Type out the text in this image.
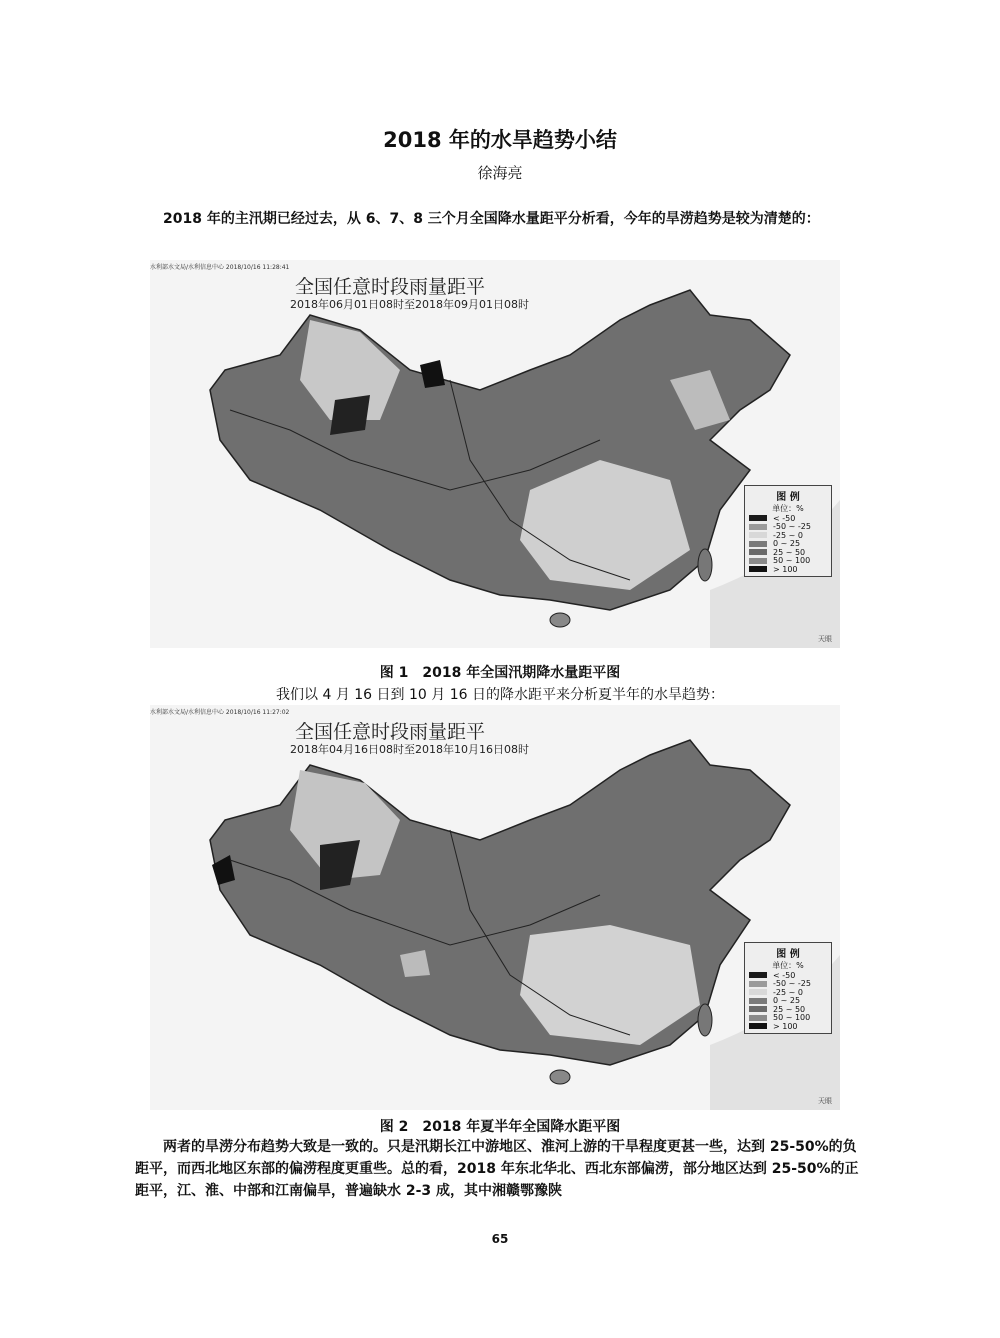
2018 年的水旱趋势小结
徐海亮
2018 年的主汛期已经过去，从 6、7、8 三个月全国降水量距平分析看，今年的旱涝趋势是较为清楚的：
水利部水文局/水利信息中心 2018/10/16 11:28:41
全国任意时段雨量距平
2018年06月01日08时至2018年09月01日08时
图 例
单位：%
< -50
-50 ~ -25
-25 ~ 0
0 ~ 25
25 ~ 50
50 ~ 100
> 100
天眼
图 1　2018 年全国汛期降水量距平图
我们以 4 月 16 日到 10 月 16 日的降水距平来分析夏半年的水旱趋势：
水利部水文局/水利信息中心 2018/10/16 11:27:02
全国任意时段雨量距平
2018年04月16日08时至2018年10月16日08时
图 例
单位：%
< -50
-50 ~ -25
-25 ~ 0
0 ~ 25
25 ~ 50
50 ~ 100
> 100
天眼
图 2　2018 年夏半年全国降水距平图
两者的旱涝分布趋势大致是一致的。只是汛期长江中游地区、淮河上游的干旱程度更甚一些，达到 25-50%的负距平，而西北地区东部的偏涝程度更重些。总的看，2018 年东北华北、西北东部偏涝，部分地区达到 25-50%的正距平，江、淮、中部和江南偏旱，普遍缺水 2-3 成，其中湘赣鄂豫陕
65
